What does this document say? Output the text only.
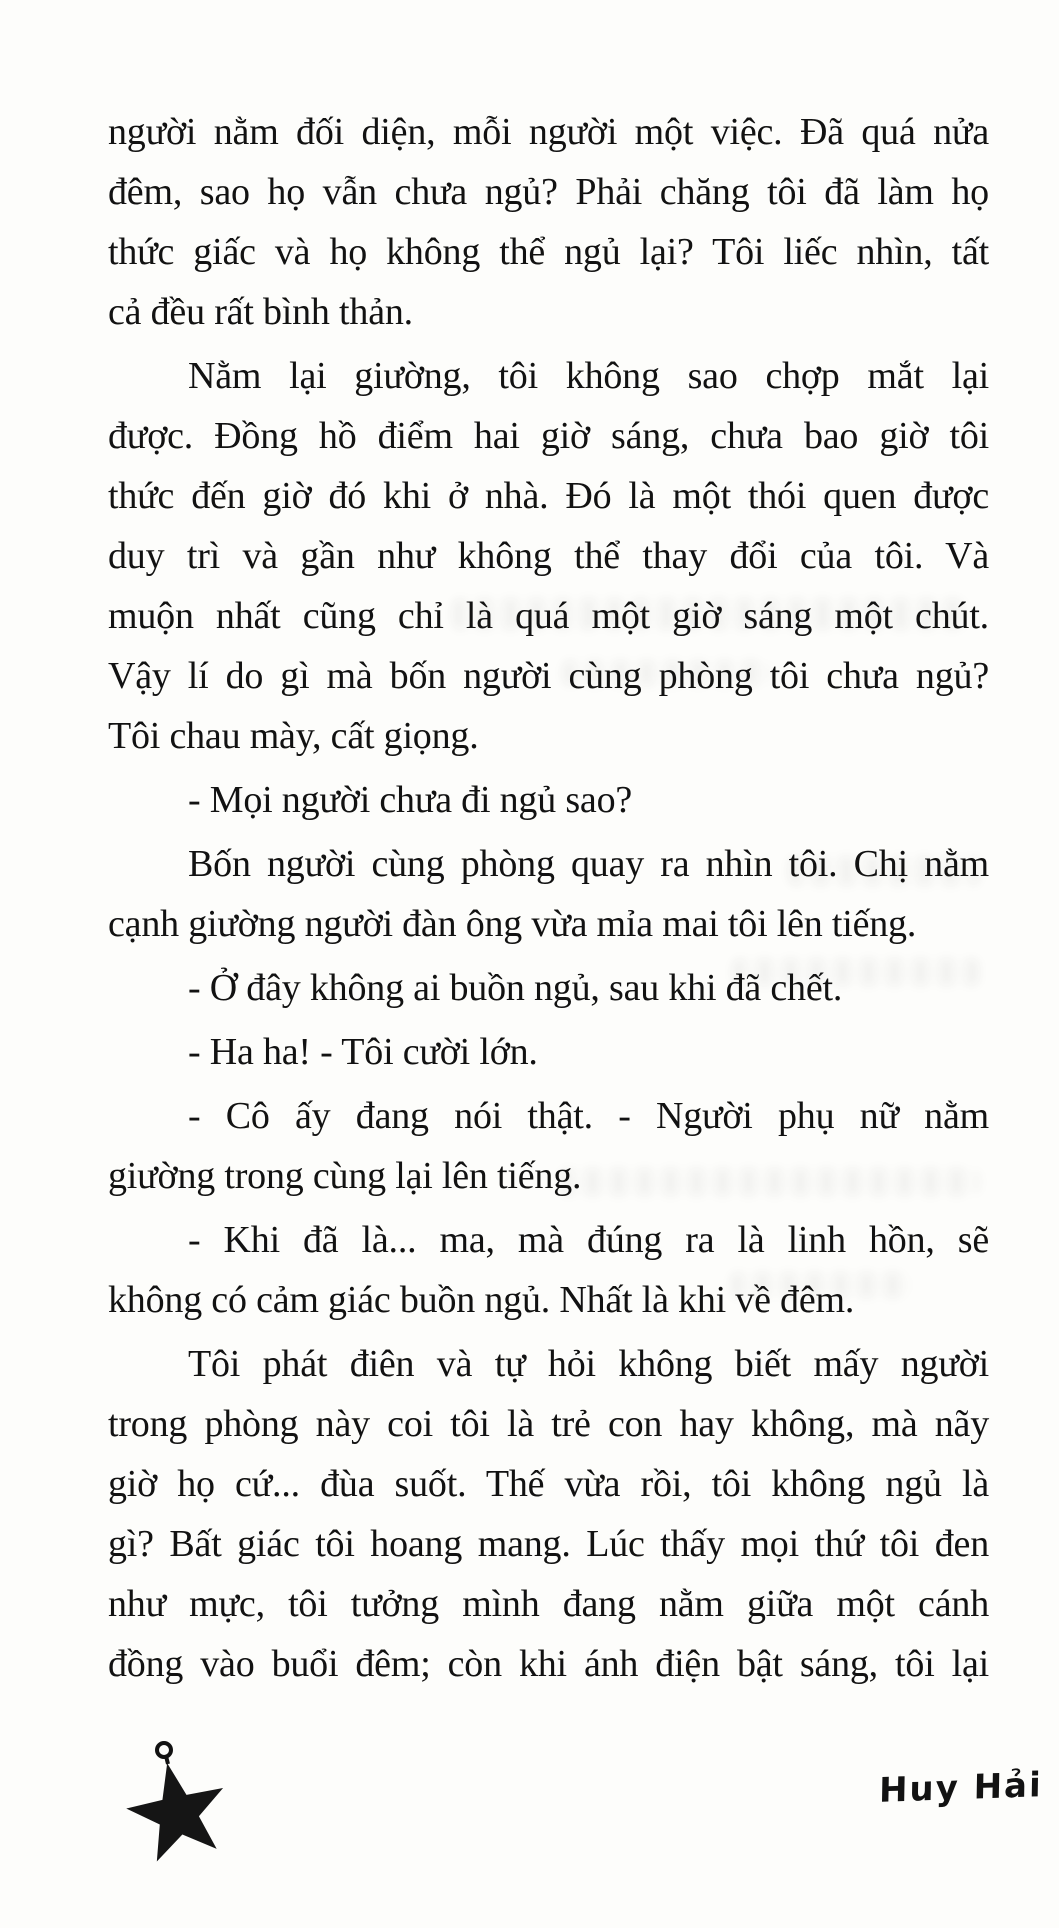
người nằm đối diện, mỗi người một việc. Đã quá nửa
đêm, sao họ vẫn chưa ngủ? Phải chăng tôi đã làm họ
thức giấc và họ không thể ngủ lại? Tôi liếc nhìn, tất
cả đều rất bình thản.
Nằm lại giường, tôi không sao chợp mắt lại
được. Đồng hồ điểm hai giờ sáng, chưa bao giờ tôi
thức đến giờ đó khi ở nhà. Đó là một thói quen được
duy trì và gần như không thể thay đổi của tôi. Và
muộn nhất cũng chỉ là quá một giờ sáng một chút.
Vậy lí do gì mà bốn người cùng phòng tôi chưa ngủ?
Tôi chau mày, cất giọng.
- Mọi người chưa đi ngủ sao?
Bốn người cùng phòng quay ra nhìn tôi. Chị nằm
cạnh giường người đàn ông vừa mỉa mai tôi lên tiếng.
- Ở đây không ai buồn ngủ, sau khi đã chết.
- Ha ha! - Tôi cười lớn.
- Cô ấy đang nói thật. - Người phụ nữ nằm
giường trong cùng lại lên tiếng.
- Khi đã là... ma, mà đúng ra là linh hồn, sẽ
không có cảm giác buồn ngủ. Nhất là khi về đêm.
Tôi phát điên và tự hỏi không biết mấy người
trong phòng này coi tôi là trẻ con hay không, mà nãy
giờ họ cứ... đùa suốt. Thế vừa rồi, tôi không ngủ là
gì? Bất giác tôi hoang mang. Lúc thấy mọi thứ tôi đen
như mực, tôi tưởng mình đang nằm giữa một cánh
đồng vào buổi đêm; còn khi ánh điện bật sáng, tôi lại
Huy Hải
